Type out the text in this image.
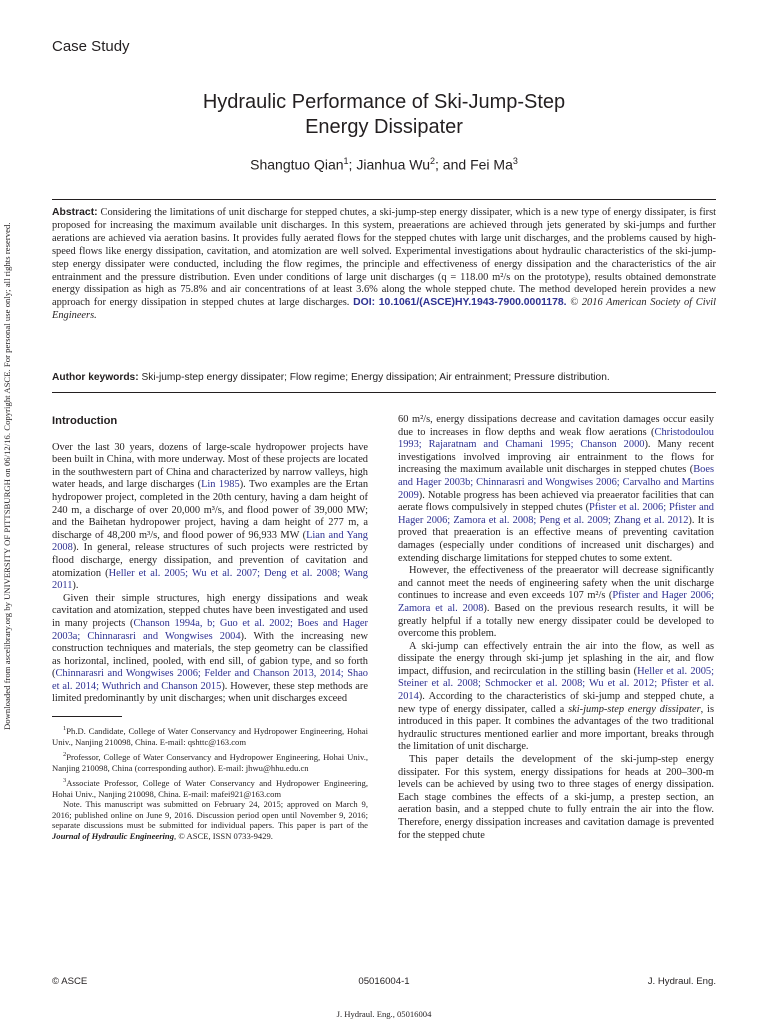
Downloaded from ascelibrary.org by UNIVERSITY OF PITTSBURGH on 06/12/16. Copyright ASCE. For personal use only; all rights reserved.
Case Study
Hydraulic Performance of Ski-Jump-Step
Energy Dissipater
Shangtuo Qian$^1$; Jianhua Wu$^2$; and Fei Ma$^3$
Abstract: Considering the limitations of unit discharge for stepped chutes, a ski-jump-step energy dissipater, which is a new type of energy dissipater, is first proposed for increasing the maximum available unit discharges. In this system, preaerations are achieved through jets generated by ski-jumps and further aerations are achieved via aeration basins. It provides fully aerated flows for the stepped chutes with large unit discharges, and the problems caused by high-speed flows like energy dissipation, cavitation, and atomization are well solved. Experimental investigations about hydraulic characteristics of the ski-jump-step energy dissipater were conducted, including the flow regimes, the principle and effectiveness of energy dissipation and the characteristics of the air entrainment and the pressure distribution. Even under conditions of large unit discharges (q = 118.00 m²/s on the prototype), results obtained demonstrate energy dissipation as high as 75.8% and air concentrations of at least 3.6% along the whole stepped chute. The method developed herein provides a new approach for energy dissipation in stepped chutes at large discharges. DOI: 10.1061/(ASCE)HY.1943-7900.0001178. © 2016 American Society of Civil Engineers.
Author keywords: Ski-jump-step energy dissipater; Flow regime; Energy dissipation; Air entrainment; Pressure distribution.
Introduction

Over the last 30 years, dozens of large-scale hydropower projects have been built in China, with more underway. Most of these projects are located in the southwestern part of China and characterized by narrow valleys, high water heads, and large discharges (Lin 1985). Two examples are the Ertan hydropower project, completed in the 20th century, having a dam height of 240 m, a discharge of over 20,000 m³/s, and flood power of 39,000 MW; and the Baihetan hydropower project, having a dam height of 277 m, a discharge of 48,200 m³/s, and flood power of 96,933 MW (Lian and Yang 2008). In general, release structures of such projects were restricted by flood discharge, energy dissipation, and prevention of cavitation and atomization (Heller et al. 2005; Wu et al. 2007; Deng et al. 2008; Wang 2011).

Given their simple structures, high energy dissipations and weak cavitation and atomization, stepped chutes have been investigated and used in many projects (Chanson 1994a, b; Guo et al. 2002; Boes and Hager 2003a; Chinnarasri and Wongwises 2004). With the increasing new construction techniques and materials, the step geometry can be classified as horizontal, inclined, pooled, with end sill, of gabion type, and so forth (Chinnarasri and Wongwises 2006; Felder and Chanson 2013, 2014; Shao et al. 2014; Wuthrich and Chanson 2015). However, these step methods are limited predominantly by unit discharges; when unit discharges exceed

$^1$Ph.D. Candidate, College of Water Conservancy and Hydropower Engineering, Hohai Univ., Nanjing 210098, China. E-mail: qshttc@163.com

$^2$Professor, College of Water Conservancy and Hydropower Engineering, Hohai Univ., Nanjing 210098, China (corresponding author). E-mail: jhwu@hhu.edu.cn

$^3$Associate Professor, College of Water Conservancy and Hydropower Engineering, Hohai Univ., Nanjing 210098, China. E-mail: mafei921@163.com

Note. This manuscript was submitted on February 24, 2015; approved on March 9, 2016; published online on June 9, 2016. Discussion period open until November 9, 2016; separate discussions must be submitted for individual papers. This paper is part of the Journal of Hydraulic Engineering, © ASCE, ISSN 0733-9429.

60 m²/s, energy dissipations decrease and cavitation damages occur easily due to increases in flow depths and weak flow aerations (Christodoulou 1993; Rajaratnam and Chamani 1995; Chanson 2000). Many recent investigations involved improving air entrainment to the flows for increasing the maximum available unit discharges in stepped chutes (Boes and Hager 2003b; Chinnarasri and Wongwises 2006; Carvalho and Martins 2009). Notable progress has been achieved via preaerator facilities that can aerate flows compulsively in stepped chutes (Pfister et al. 2006; Pfister and Hager 2006; Zamora et al. 2008; Peng et al. 2009; Zhang et al. 2012). It is proved that preaeration is an effective means of preventing cavitation damages (especially under conditions of increased unit discharges) and extending discharge limitations for stepped chutes to some extent.

However, the effectiveness of the preaerator will decrease significantly and cannot meet the needs of engineering safety when the unit discharge continues to increase and even exceeds 107 m²/s (Pfister and Hager 2006; Zamora et al. 2008). Based on the previous research results, it will be greatly helpful if a totally new energy dissipater could be developed to overcome this problem.

A ski-jump can effectively entrain the air into the flow, as well as dissipate the energy through ski-jump jet splashing in the air, and flow impact, diffusion, and recirculation in the stilling basin (Heller et al. 2005; Steiner et al. 2008; Schmocker et al. 2008; Wu et al. 2012; Pfister et al. 2014). According to the characteristics of ski-jump and stepped chute, a new type of energy dissipater, called a ski-jump-step energy dissipater, is introduced in this paper. It combines the advantages of the two traditional hydraulic structures mentioned earlier and more important, breaks through the limitation of unit discharge.

This paper details the development of the ski-jump-step energy dissipater. For this system, energy dissipations for heads at 200–300-m levels can be achieved by using two to three stages of energy dissipation. Each stage combines the effects of a ski-jump, a prestep section, an aeration basin, and a stepped chute to fully entrain the air into the flow. Therefore, energy dissipation increases and cavitation damage is prevented for the stepped chute

© ASCE	05016004-1	J. Hydraul. Eng.
J. Hydraul. Eng., 05016004
